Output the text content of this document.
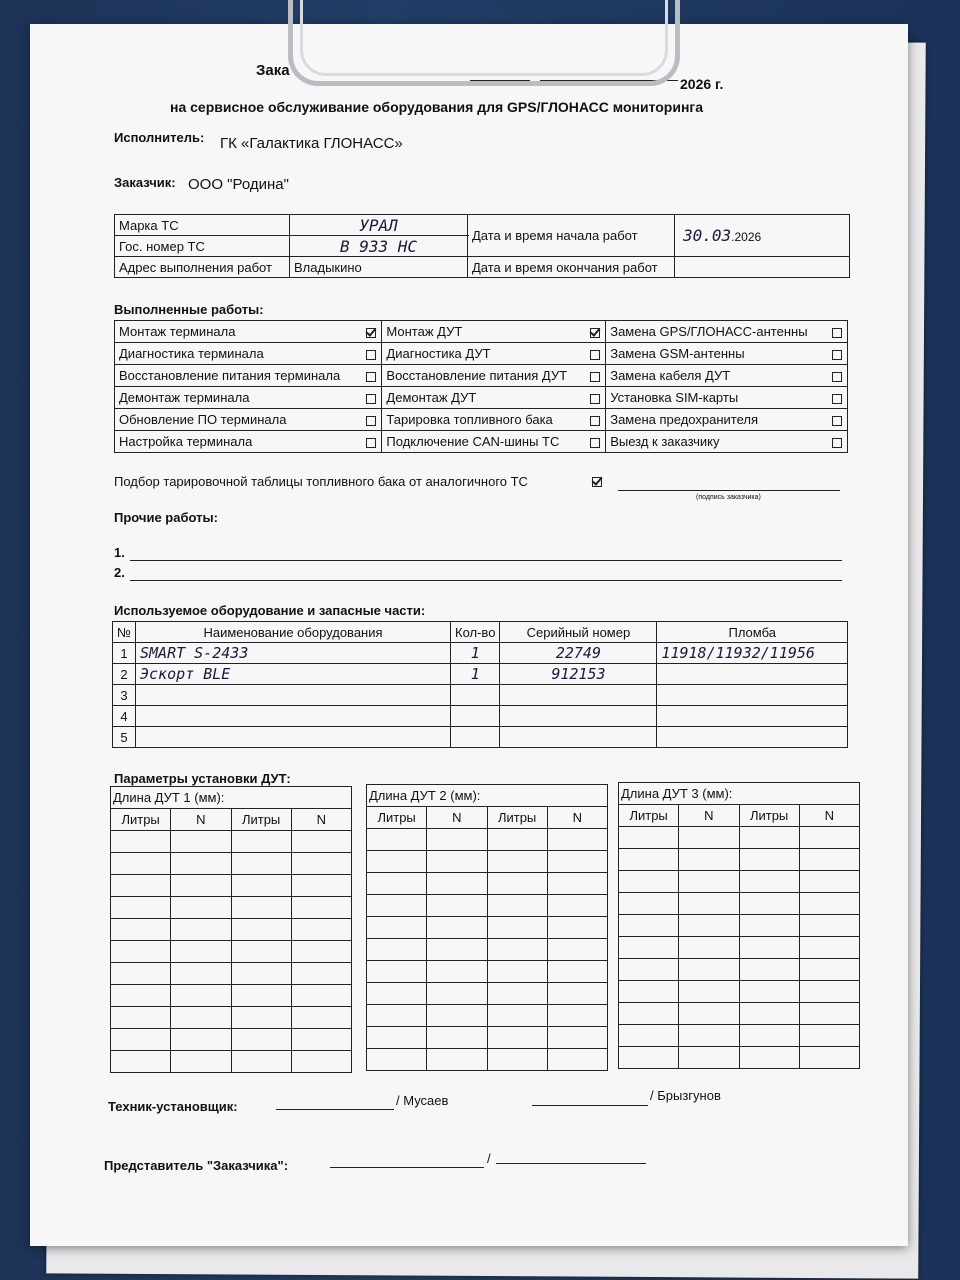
Зака
2026 г.
на сервисное обслуживание оборудования для GPS/ГЛОНАСС мониторинга
Исполнитель: ГК «Галактика ГЛОНАСС»
Заказчик: ООО "Родина"
Марка ТС	УРАЛ	Дата и время начала работ	30.03.2026
Гос. номер ТС	В 933 НС		
Адрес выполнения работ	Владыкино	Дата и время окончания работ	
Выполненные работы:
Монтаж терминала		Монтаж ДУТ		Замена GPS/ГЛОНАСС-антенны	
Диагностика терминала		Диагностика ДУТ		Замена GSM-антенны	
Восстановление питания терминала		Восстановление питания ДУТ		Замена кабеля ДУТ	
Демонтаж терминала		Демонтаж ДУТ		Установка SIM-карты	
Обновление ПО терминала		Тарировка топливного бака		Замена предохранителя	
Настройка терминала		Подключение CAN-шины ТС		Выезд к заказчику	
Подбор тарировочной таблицы топливного бака от аналогичного ТС
(подпись заказчика)
Прочие работы:
1.
2.
Используемое оборудование и запасные части:
№	Наименование оборудования	Кол-во	Серийный номер	Пломба
1	SMART S-2433	1	22749	11918/11932/11956
2	Эскорт BLE	1	912153	
3				
4				
5				
Параметры установки ДУТ:
Длина ДУТ 1 (мм):			
Литры	N	Литры	N

Длина ДУТ 2 (мм):			
Литры	N	Литры	N

Длина ДУТ 3 (мм):			
Литры	N	Литры	N

Техник-установщик:	/ Мусаев	/ Брызгунов
Представитель "Заказчика":	/
